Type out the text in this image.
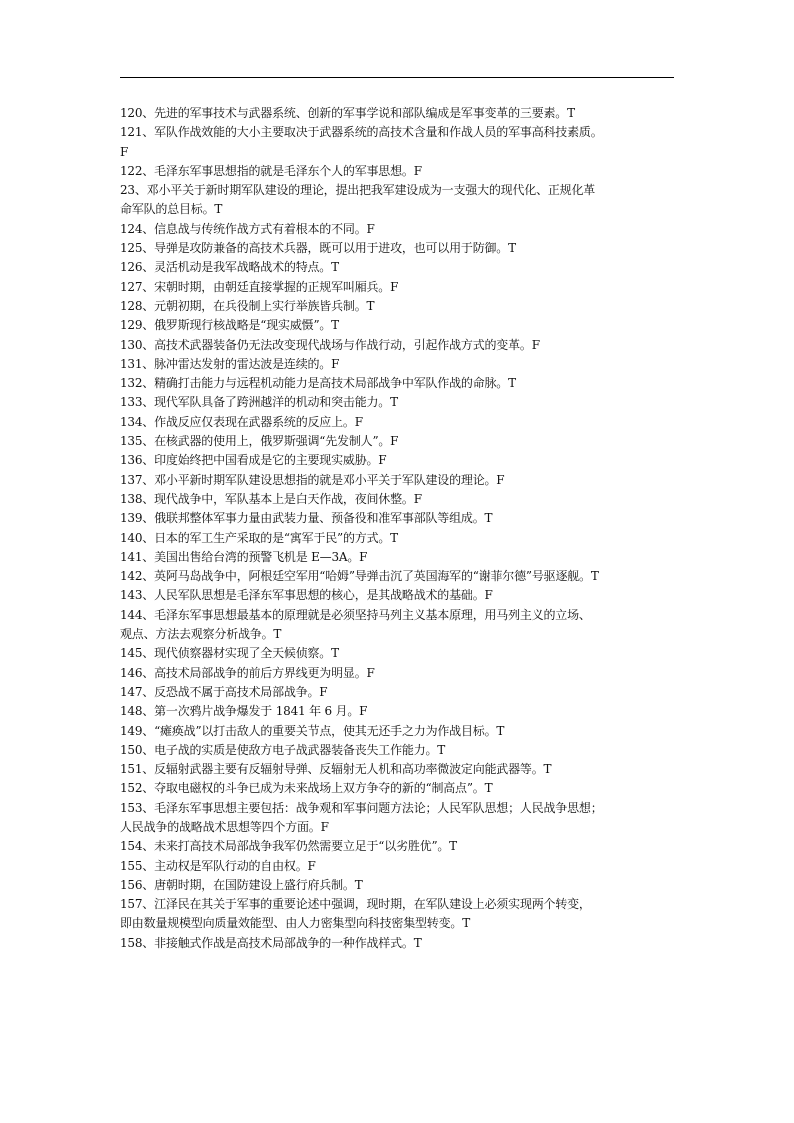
120、先进的军事技术与武器系统、创新的军事学说和部队编成是军事变革的三要素。T
121、军队作战效能的大小主要取决于武器系统的高技术含量和作战人员的军事高科技素质。
F
122、毛泽东军事思想指的就是毛泽东个人的军事思想。F
23、邓小平关于新时期军队建设的理论，提出把我军建设成为一支强大的现代化、正规化革
命军队的总目标。T
124、信息战与传统作战方式有着根本的不同。F
125、导弹是攻防兼备的高技术兵器，既可以用于进攻，也可以用于防御。T
126、灵活机动是我军战略战术的特点。T
127、宋朝时期，由朝廷直接掌握的正规军叫厢兵。F
128、元朝初期，在兵役制上实行举族皆兵制。T
129、俄罗斯现行核战略是“现实威慑”。T
130、高技术武器装备仍无法改变现代战场与作战行动，引起作战方式的变革。F
131、脉冲雷达发射的雷达波是连续的。F
132、精确打击能力与远程机动能力是高技术局部战争中军队作战的命脉。T
133、现代军队具备了跨洲越洋的机动和突击能力。T
134、作战反应仅表现在武器系统的反应上。F
135、在核武器的使用上，俄罗斯强调“先发制人”。F
136、印度始终把中国看成是它的主要现实威胁。F
137、邓小平新时期军队建设思想指的就是邓小平关于军队建设的理论。F
138、现代战争中，军队基本上是白天作战，夜间休整。F
139、俄联邦整体军事力量由武装力量、预备役和准军事部队等组成。T
140、日本的军工生产采取的是“寓军于民”的方式。T
141、美国出售给台湾的预警飞机是 E—3A。F
142、英阿马岛战争中，阿根廷空军用“哈姆”导弹击沉了英国海军的“谢菲尔德”号驱逐舰。T
143、人民军队思想是毛泽东军事思想的核心，是其战略战术的基础。F
144、毛泽东军事思想最基本的原理就是必须坚持马列主义基本原理，用马列主义的立场、
观点、方法去观察分析战争。T
145、现代侦察器材实现了全天候侦察。T
146、高技术局部战争的前后方界线更为明显。F
147、反恐战不属于高技术局部战争。F
148、第一次鸦片战争爆发于 1841 年 6 月。F
149、“瘫痪战”以打击敌人的重要关节点，使其无还手之力为作战目标。T
150、电子战的实质是使敌方电子战武器装备丧失工作能力。T
151、反辐射武器主要有反辐射导弹、反辐射无人机和高功率微波定向能武器等。T
152、夺取电磁权的斗争已成为未来战场上双方争夺的新的“制高点”。T
153、毛泽东军事思想主要包括：战争观和军事问题方法论；人民军队思想；人民战争思想；
人民战争的战略战术思想等四个方面。F
154、未来打高技术局部战争我军仍然需要立足于“以劣胜优”。T
155、主动权是军队行动的自由权。F
156、唐朝时期，在国防建设上盛行府兵制。T
157、江泽民在其关于军事的重要论述中强调，现时期，在军队建设上必须实现两个转变，
即由数量规模型向质量效能型、由人力密集型向科技密集型转变。T
158、非接触式作战是高技术局部战争的一种作战样式。T
